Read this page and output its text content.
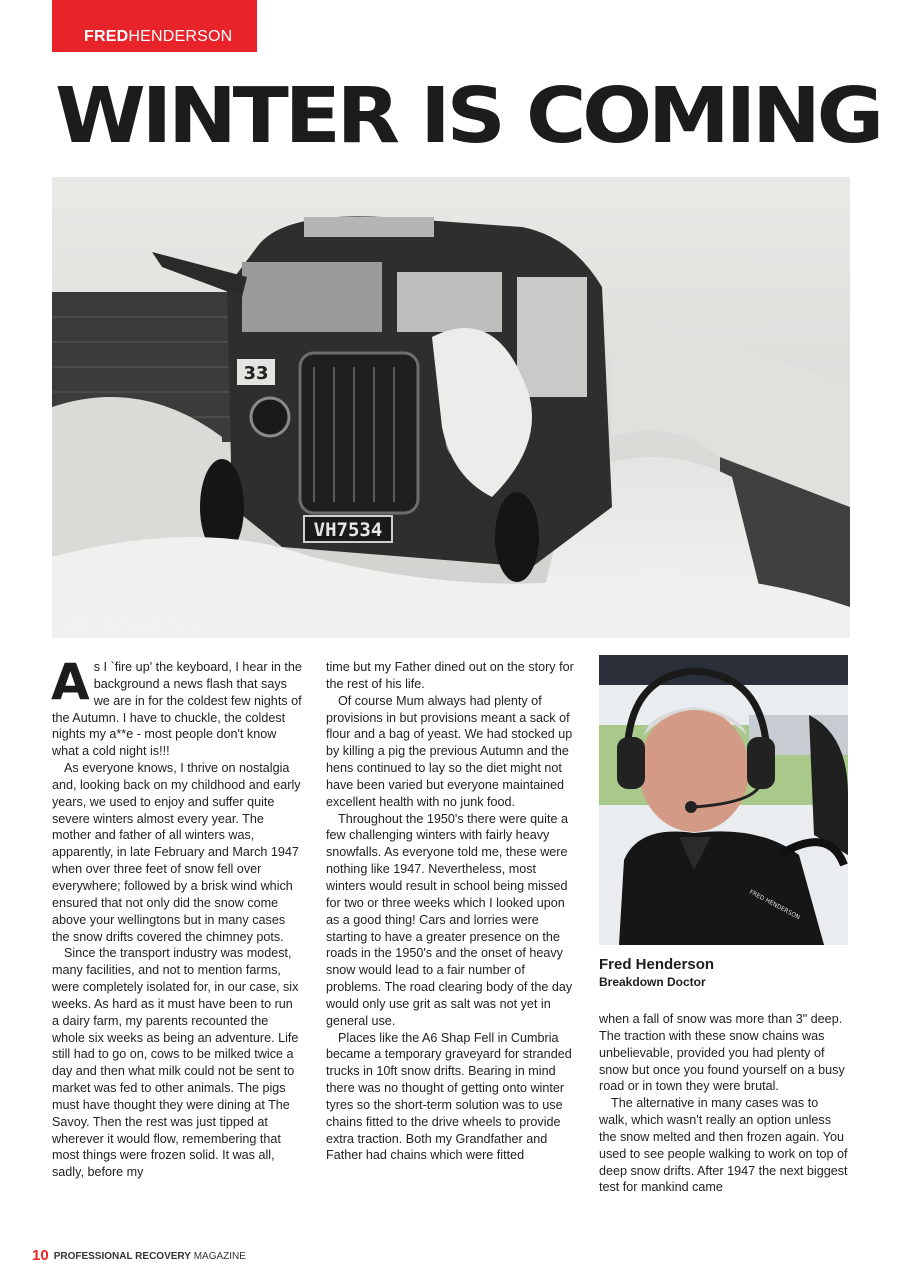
FREDHENDERSON
WINTER IS COMING
33
VH7534
Wikipedia - CC BY-SA 2.0.
A s I `fire up' the keyboard, I hear in the background a news flash that says we are in for the coldest few nights of the Autumn. I have to chuckle, the coldest nights my a**e - most people don't know what a cold night is!!!

As everyone knows, I thrive on nostalgia and, looking back on my childhood and early years, we used to enjoy and suffer quite severe winters almost every year. The mother and father of all winters was, apparently, in late February and March 1947 when over three feet of snow fell over everywhere; followed by a brisk wind which ensured that not only did the snow come above your wellingtons but in many cases the snow drifts covered the chimney pots.

Since the transport industry was modest, many facilities, and not to mention farms, were completely isolated for, in our case, six weeks. As hard as it must have been to run a dairy farm, my parents recounted the whole six weeks as being an adventure. Life still had to go on, cows to be milked twice a day and then what milk could not be sent to market was fed to other animals. The pigs must have thought they were dining at The Savoy. Then the rest was just tipped at wherever it would flow, remembering that most things were frozen solid. It was all, sadly, before my

time but my Father dined out on the story for the rest of his life.

Of course Mum always had plenty of provisions in but provisions meant a sack of flour and a bag of yeast. We had stocked up by killing a pig the previous Autumn and the hens continued to lay so the diet might not have been varied but everyone maintained excellent health with no junk food.

Throughout the 1950's there were quite a few challenging winters with fairly heavy snowfalls. As everyone told me, these were nothing like 1947. Nevertheless, most winters would result in school being missed for two or three weeks which I looked upon as a good thing! Cars and lorries were starting to have a greater presence on the roads in the 1950's and the onset of heavy snow would lead to a fair number of problems. The road clearing body of the day would only use grit as salt was not yet in general use.

Places like the A6 Shap Fell in Cumbria became a temporary graveyard for stranded trucks in 10ft snow drifts. Bearing in mind there was no thought of getting onto winter tyres so the short-term solution was to use chains fitted to the drive wheels to provide extra traction. Both my Grandfather and Father had chains which were fitted

FRED HENDERSON
Fred Henderson
Breakdown Doctor

when a fall of snow was more than 3" deep. The traction with these snow chains was unbelievable, provided you had plenty of snow but once you found yourself on a busy road or in town they were brutal.

The alternative in many cases was to walk, which wasn't really an option unless the snow melted and then frozen again. You used to see people walking to work on top of deep snow drifts. After 1947 the next biggest test for mankind came

10 PROFESSIONAL RECOVERY MAGAZINE
